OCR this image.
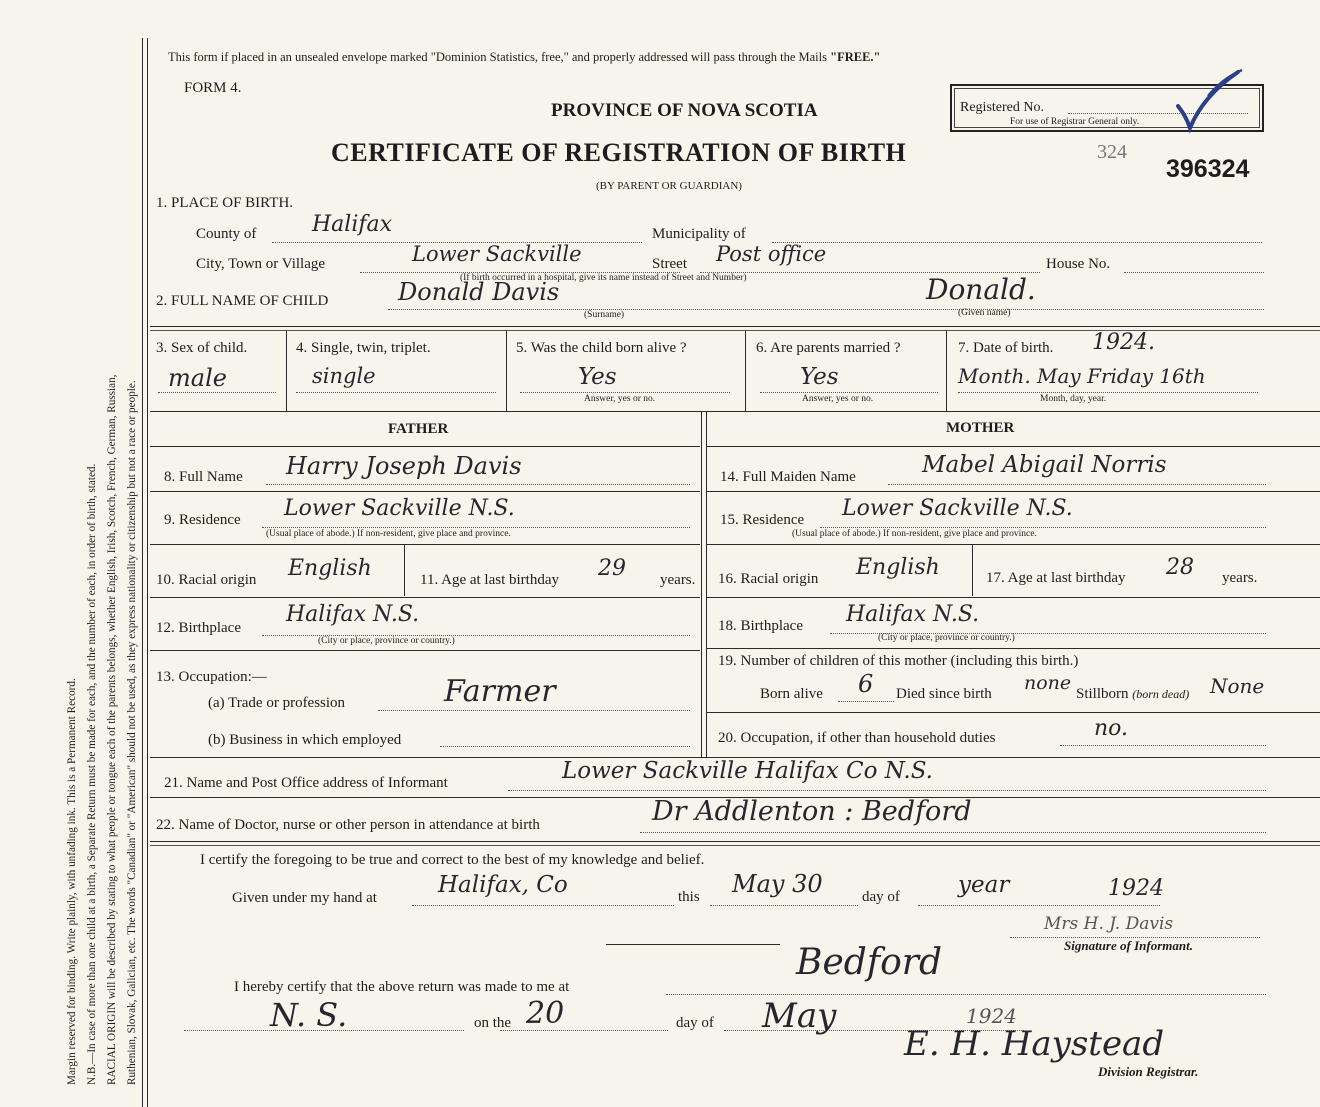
Margin reserved for binding. Write plainly, with unfading ink. This is a Permanent Record. N.B.—In case of more than one child at a birth, a Separate Return must be made for each, and the number of each, in order of birth, stated. RACIAL ORIGIN will be described by stating to what people or tongue each of the parents belongs, whether English, Irish, Scotch, French, German, Russian, Ruthenian, Slovak, Galician, etc. The words "Canadian" or "American" should not be used, as they express nationality or citizenship but not a race or people.
This form if placed in an unsealed envelope marked "Dominion Statistics, free," and properly addressed will pass through the Mails "FREE."
FORM 4.
PROVINCE OF NOVA SCOTIA
CERTIFICATE OF REGISTRATION OF BIRTH
(BY PARENT OR GUARDIAN)
Registered No.
For use of Registrar General only.
324
396324
1. PLACE OF BIRTH.
County of	Halifax	Municipality of
City, Town or Village	Lower Sackville	Street Post office	House No.
(If birth occurred in a hospital, give its name instead of Street and Number)
2. FULL NAME OF CHILD	Donald Davis
(Surname)
Donald.
(Given name)
3. Sex of child.
male
4. Single, twin, triplet.
single
5. Was the child born alive ?
Yes
Answer, yes or no.
6. Are parents married ?
Yes
Answer, yes or no.
7. Date of birth. 1924.
Month. May Friday 16th
Month, day, year.
FATHER	MOTHER
8. Full Name Harry Joseph Davis
9. Residence Lower Sackville N.S.
(Usual place of abode.) If non-resident, give place and province.
10. Racial origin English	11. Age at last birthday 29 years.
12. Birthplace
Halifax N.S.
(City or place, province or country.)
13. Occupation:—
(a) Trade or profession	Farmer
(b) Business in which employed
14. Full Maiden Name	Mabel Abigail Norris
15. Residence Lower Sackville N.S.
(Usual place of abode.) If non-resident, give place and province.
16. Racial origin English	17. Age at last birthday 28 years.
18. Birthplace Halifax N.S.
(City or place, province or country.)
19. Number of children of this mother (including this birth.)
Born alive 6 Died since birth none Stillborn (born dead) None
20. Occupation, if other than household duties	no.
21. Name and Post Office address of Informant	Lower Sackville Halifax Co N.S.
22. Name of Doctor, nurse or other person in attendance at birth	Dr Addlenton : Bedford
I certify the foregoing to be true and correct to the best of my knowledge and belief.
Given under my hand at	Halifax, Co	this May 30	day of	year	1924
Mrs H. J. Davis
Signature of Informant.
I hereby certify that the above return was made to me at
Bedford
N. S.	on the 20	day of May	1924
E. H. Haystead
Division Registrar.
